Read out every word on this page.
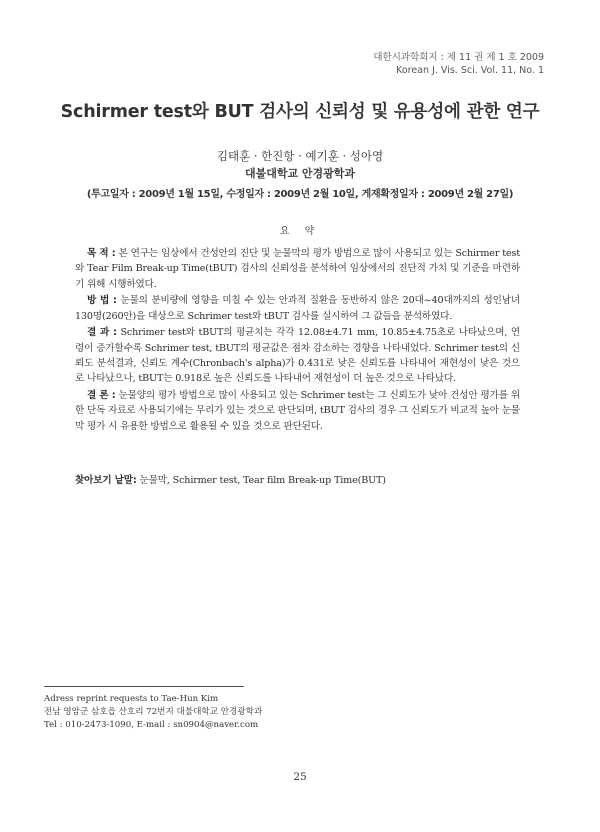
대한시과학회지 : 제 11 권 제 1 호 2009
Korean J. Vis. Sci. Vol. 11, No. 1
Schirmer test와 BUT 검사의 신뢰성 및 유용성에 관한 연구
김태훈 · 한진항 · 예기훈 · 성아영
대불대학교 안경광학과
(투고일자 : 2009년 1월 15일, 수정일자 : 2009년 2월 10일, 게재확정일자 : 2009년 2월 27일)
요 약

목 적 : 본 연구는 임상에서 건성안의 진단 및 눈물막의 평가 방법으로 많이 사용되고 있는 Schirmer test와 Tear Film Break-up Time(tBUT) 검사의 신뢰성을 분석하여 임상에서의 진단적 가치 및 기준을 마련하기 위해 시행하였다.

방 법 : 눈물의 분비량에 영향을 미칠 수 있는 안과적 질환을 동반하지 않은 20대~40대까지의 성인남녀 130명(260안)을 대상으로 Schrimer test와 tBUT 검사를 실시하여 그 값들을 분석하였다.

결 과 : Schrimer test와 tBUT의 평균치는 각각 12.08±4.71 mm, 10.85±4.75초로 나타났으며, 연령이 증가할수록 Schrimer test, tBUT의 평균값은 점차 감소하는 경향을 나타내었다. Schrimer test의 신뢰도 분석결과, 신뢰도 계수(Chronbach's alpha)가 0.431로 낮은 신뢰도를 나타내어 재현성이 낮은 것으로 나타났으나, tBUT는 0.918로 높은 신뢰도를 나타내어 재현성이 더 높은 것으로 나타났다.

결 론 : 눈물양의 평가 방법으로 많이 사용되고 있는 Schrimer test는 그 신뢰도가 낮아 건성안 평가를 위한 단독 자료로 사용되기에는 무리가 있는 것으로 판단되며, tBUT 검사의 경우 그 신뢰도가 비교적 높아 눈물막 평가 시 유용한 방법으로 활용될 수 있을 것으로 판단된다.

찾아보기 낱말: 눈물막, Schirmer test, Tear film Break-up Time(BUT)
Adress reprint requests to Tae-Hun Kim
전남 영암군 삼호읍 산호리 72번지 대불대학교 안경광학과
Tel : 010-2473-1090, E-mail : sn0904@naver.com
25
